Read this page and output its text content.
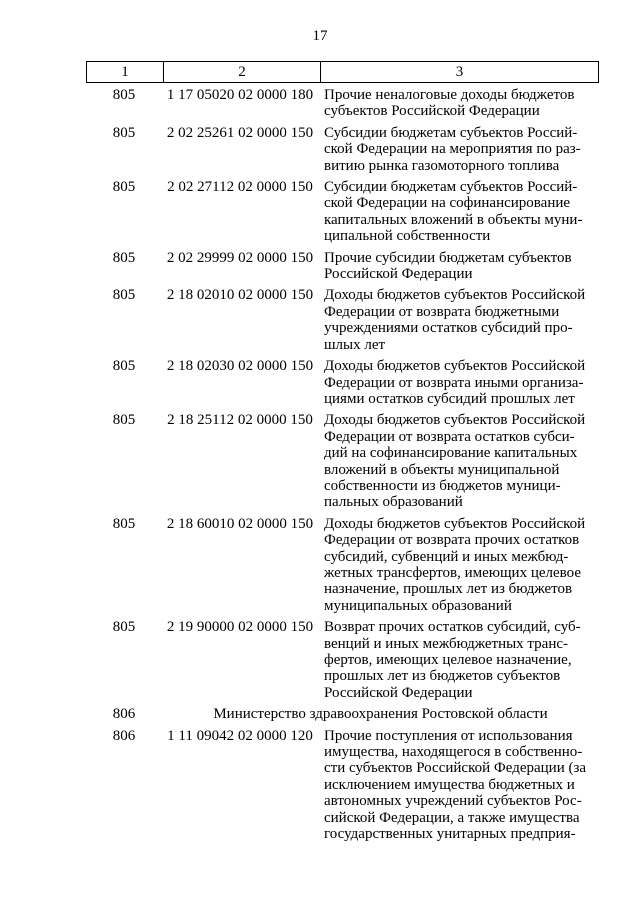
17
1	2	3
805	1 17 05020 02 0000 180 Прочие неналоговые доходы бюджетов
субъектов Российской Федерации
805	2 02 25261 02 0000 150 Субсидии бюджетам субъектов Россий-
ской Федерации на мероприятия по раз-
витию рынка газомоторного топлива
805	2 02 27112 02 0000 150 Субсидии бюджетам субъектов Россий-
ской Федерации на софинансирование
капитальных вложений в объекты муни-
ципальной собственности
805	2 02 29999 02 0000 150 Прочие субсидии бюджетам субъектов
Российской Федерации
805	2 18 02010 02 0000 150 Доходы бюджетов субъектов Российской
Федерации от возврата бюджетными
учреждениями остатков субсидий про-
шлых лет
805	2 18 02030 02 0000 150 Доходы бюджетов субъектов Российской
Федерации от возврата иными организа-
циями остатков субсидий прошлых лет
805	2 18 25112 02 0000 150 Доходы бюджетов субъектов Российской
Федерации от возврата остатков субси-
дий на софинансирование капитальных
вложений в объекты муниципальной
собственности из бюджетов муници-
пальных образований
805	2 18 60010 02 0000 150 Доходы бюджетов субъектов Российской
Федерации от возврата прочих остатков
субсидий, субвенций и иных межбюд-
жетных трансфертов, имеющих целевое
назначение, прошлых лет из бюджетов
муниципальных образований
805	2 19 90000 02 0000 150 Возврат прочих остатков субсидий, суб-
венций и иных межбюджетных транс-
фертов, имеющих целевое назначение,
прошлых лет из бюджетов субъектов
Российской Федерации
806	Министерство здравоохранения Ростовской области
806	1 11 09042 02 0000 120 Прочие поступления от использования
имущества, находящегося в собственно-
сти субъектов Российской Федерации (за
исключением имущества бюджетных и
автономных учреждений субъектов Рос-
сийской Федерации, а также имущества
государственных унитарных предприя-
